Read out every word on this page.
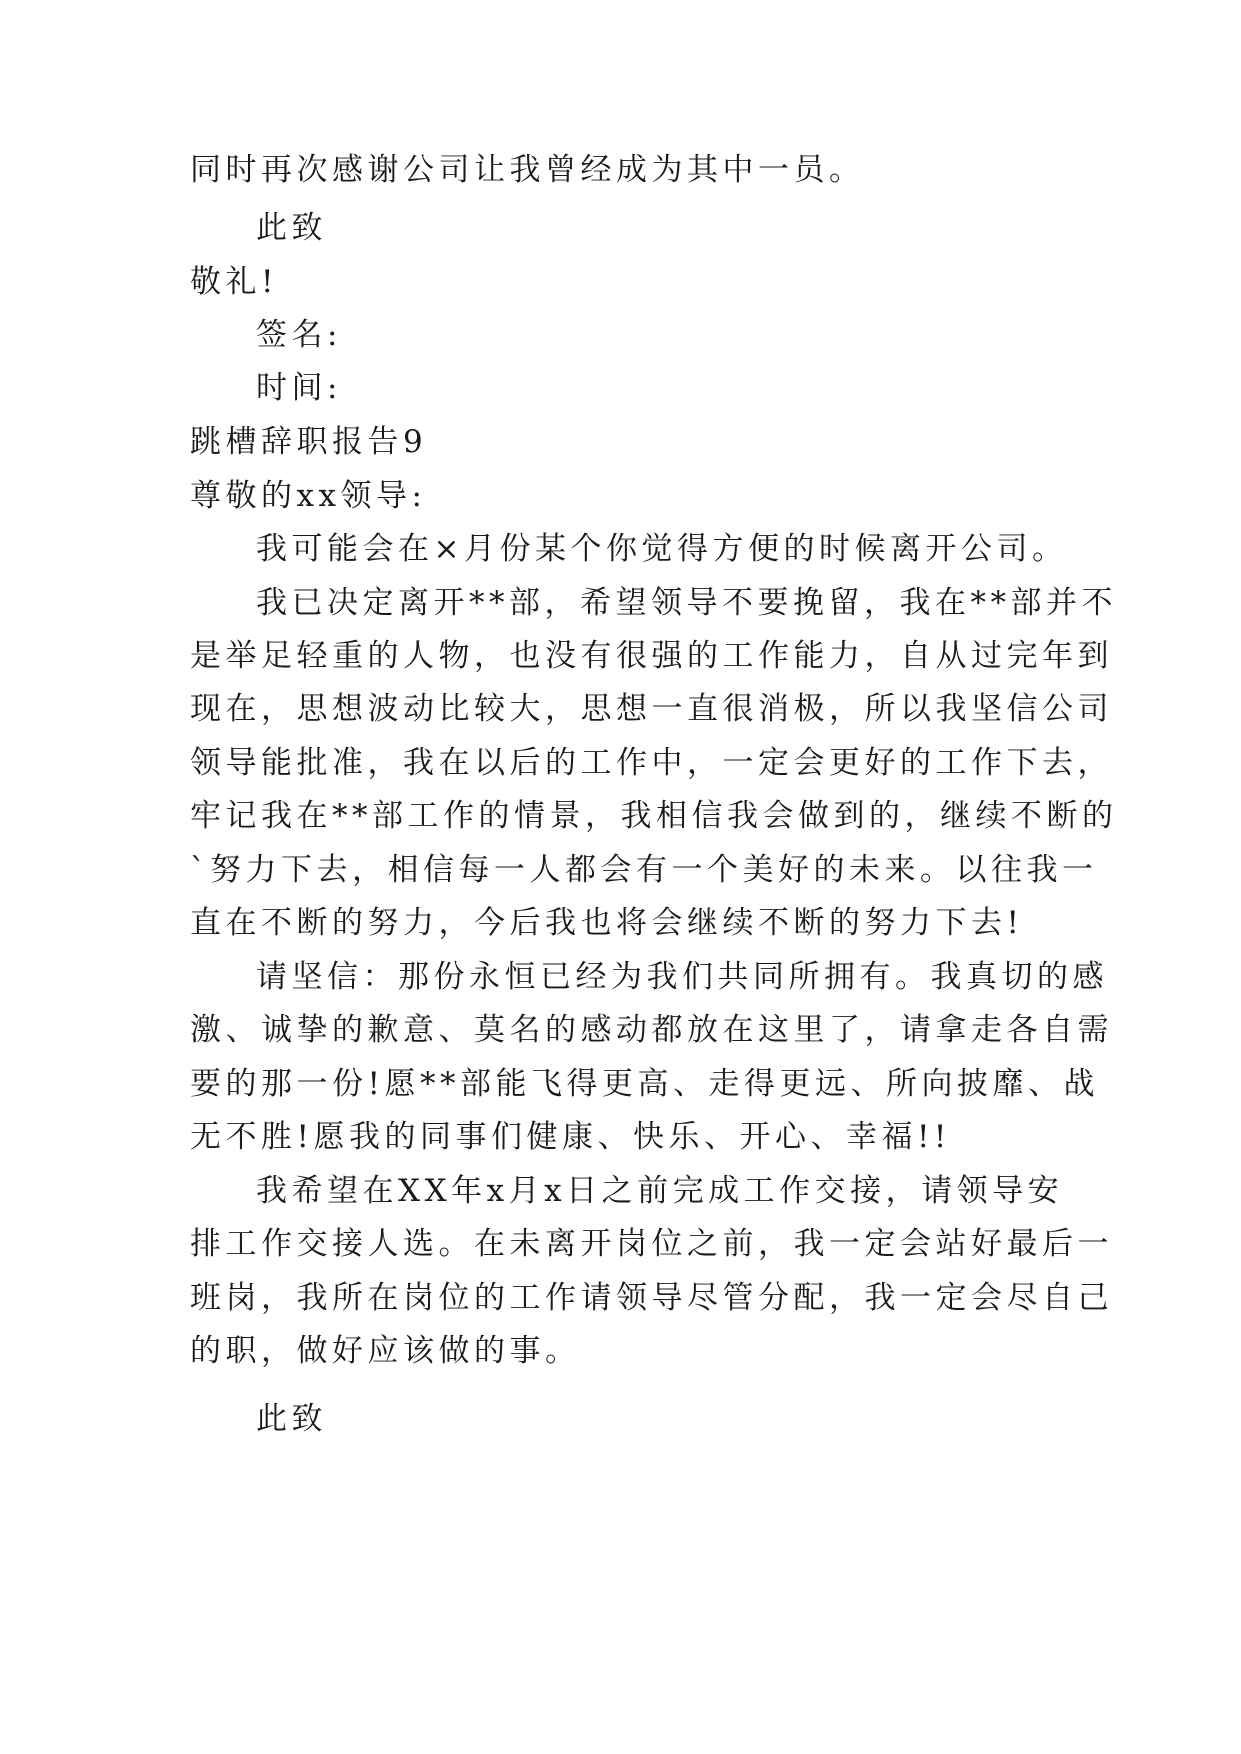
同时再次感谢公司让我曾经成为其中一员。
此致
敬礼!
签名:
时间:
跳槽辞职报告9
尊敬的xx领导:
我可能会在×月份某个你觉得方便的时候离开公司。
我已决定离开**部，希望领导不要挽留，我在**部并不
是举足轻重的人物，也没有很强的工作能力，自从过完年到
现在，思想波动比较大，思想一直很消极，所以我坚信公司
领导能批准，我在以后的工作中，一定会更好的工作下去，
牢记我在**部工作的情景，我相信我会做到的，继续不断的
`努力下去，相信每一人都会有一个美好的未来。以往我一
直在不断的努力，今后我也将会继续不断的努力下去!
请坚信：那份永恒已经为我们共同所拥有。我真切的感
激、诚挚的歉意、莫名的感动都放在这里了，请拿走各自需
要的那一份!愿**部能飞得更高、走得更远、所向披靡、战
无不胜!愿我的同事们健康、快乐、开心、幸福!!
我希望在XX年x月x日之前完成工作交接，请领导安
排工作交接人选。在未离开岗位之前，我一定会站好最后一
班岗，我所在岗位的工作请领导尽管分配，我一定会尽自己
的职，做好应该做的事。
此致
